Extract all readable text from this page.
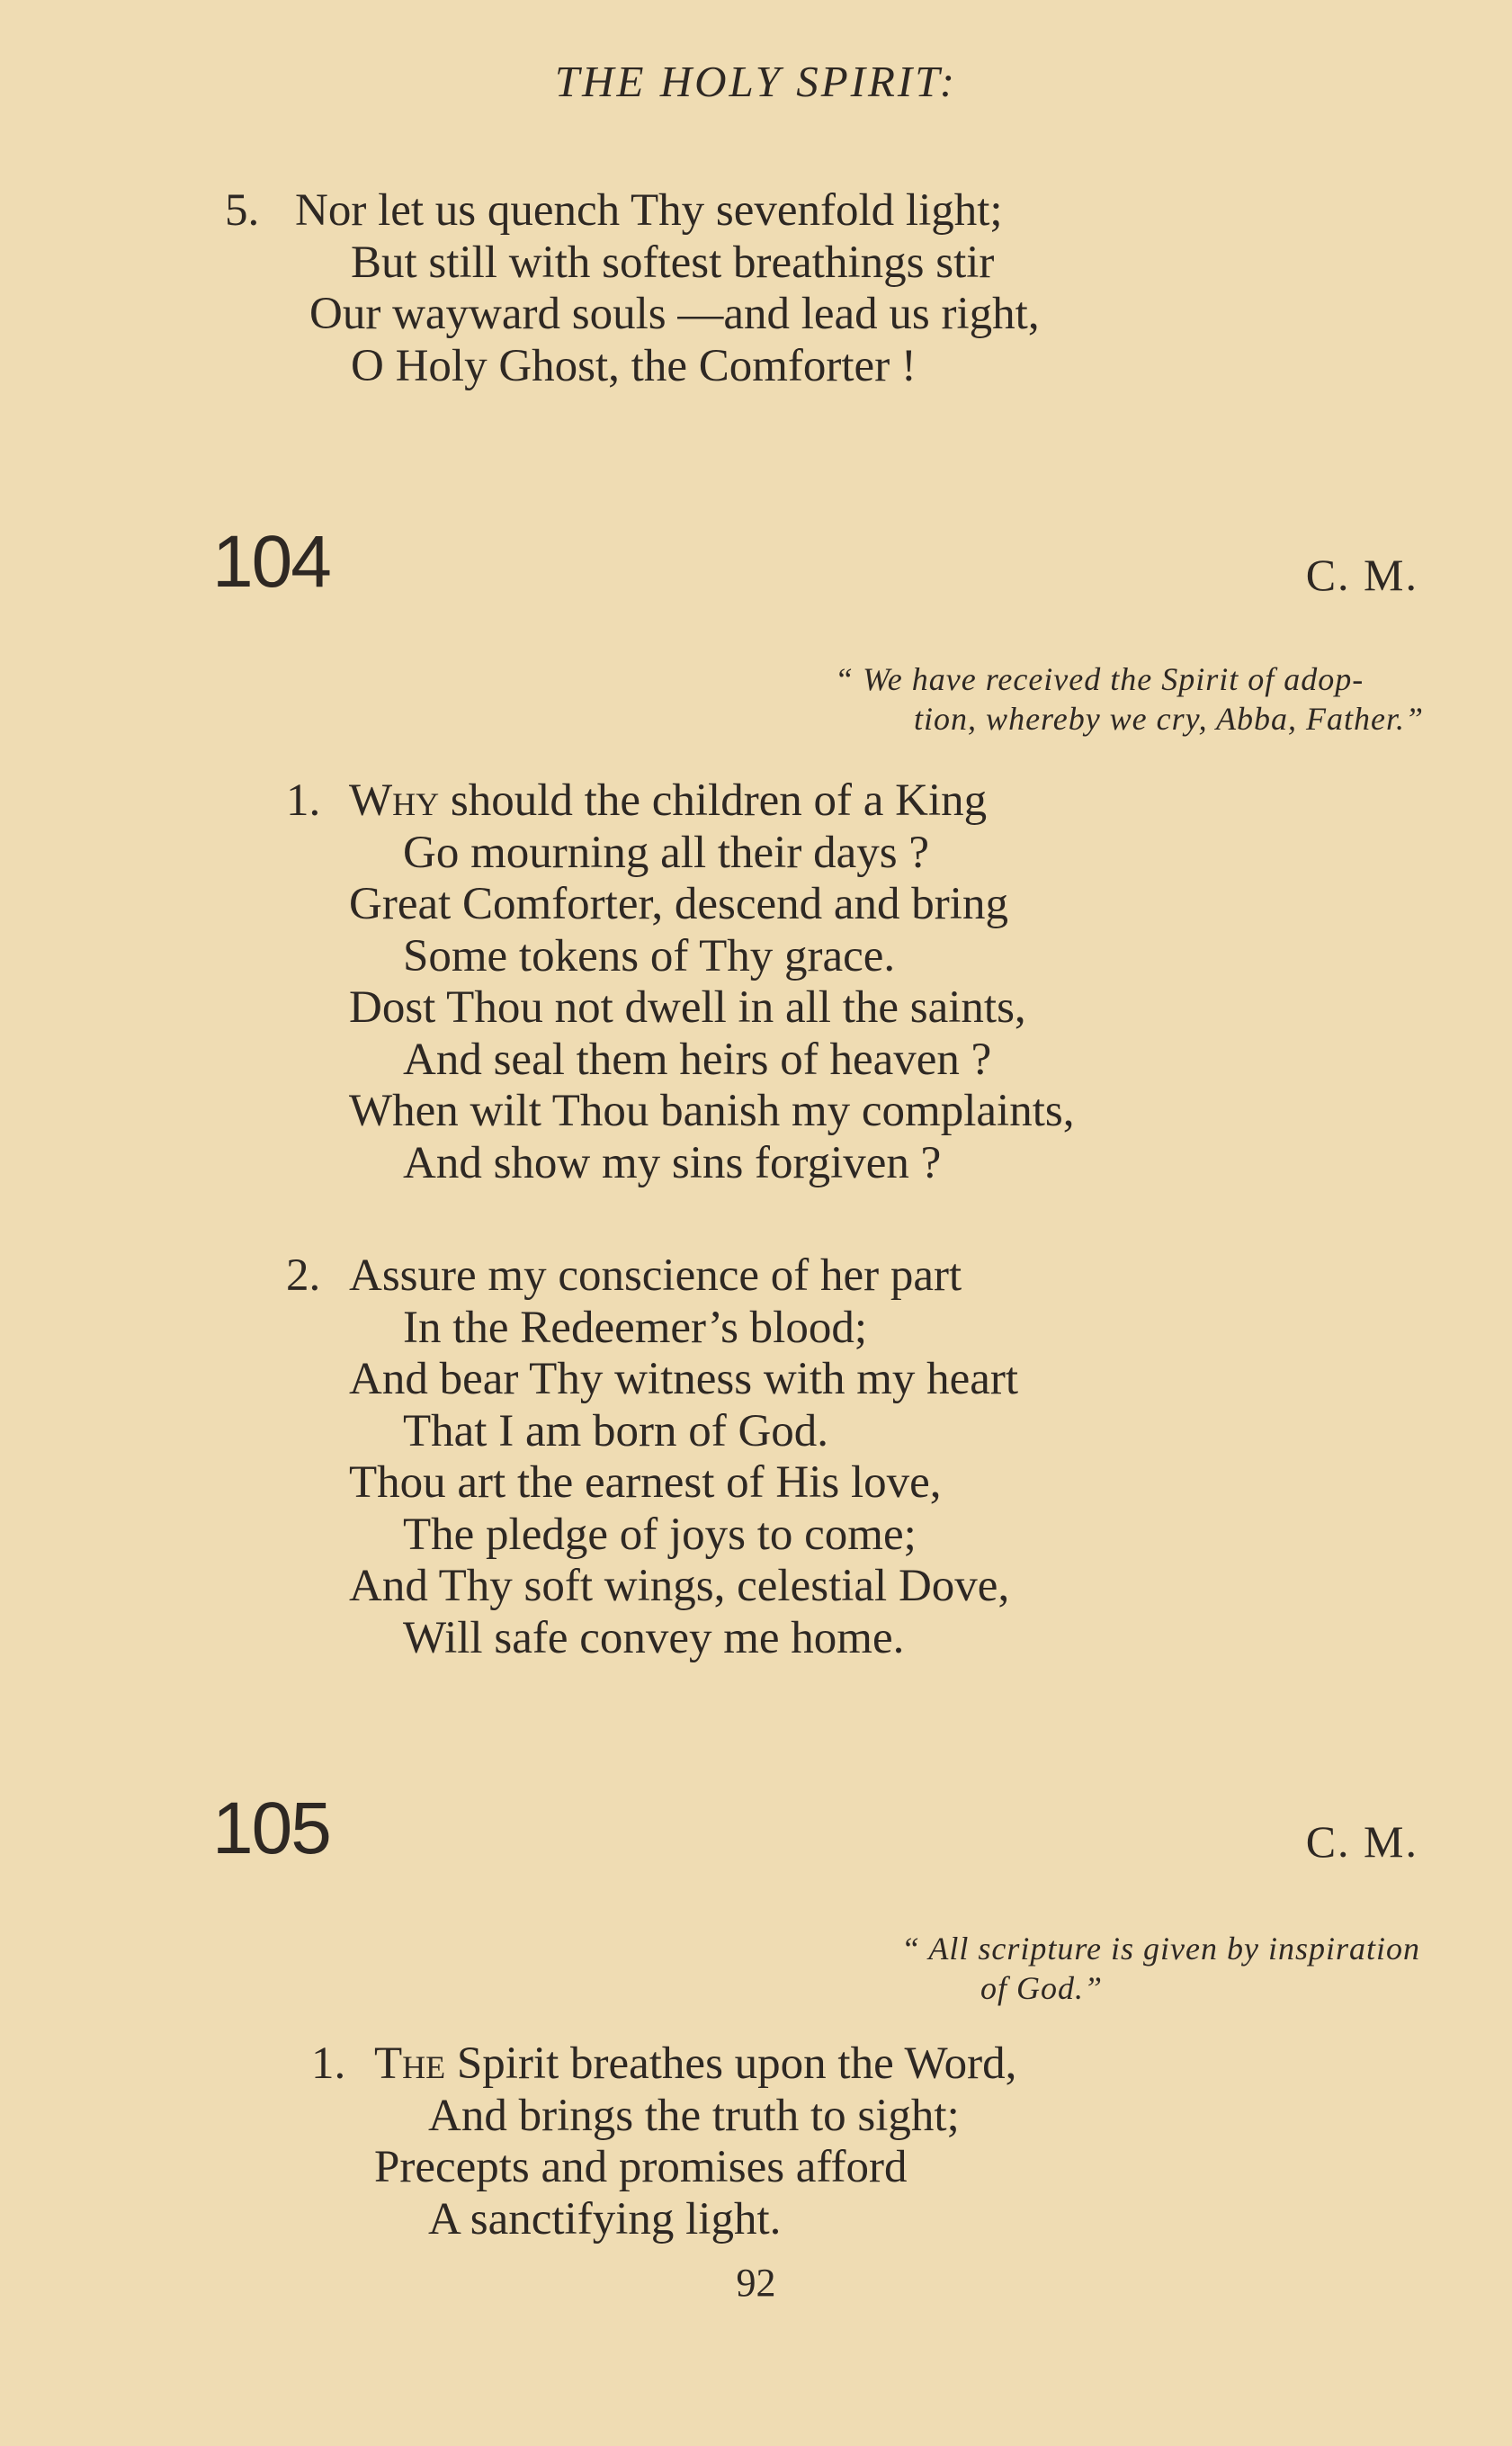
THE HOLY SPIRIT:
5. Nor let us quench Thy sevenfold light;
But still with softest breathings stir
Our wayward souls —and lead us right,
O Holy Ghost, the Comforter !
104	C. M.
“ We have received the Spirit of adop-
tion, whereby we cry, Abba, Father.”
1. Why should the children of a King
Go mourning all their days ?
Great Comforter, descend and bring
Some tokens of Thy grace.
Dost Thou not dwell in all the saints,
And seal them heirs of heaven ?
When wilt Thou banish my complaints,
And show my sins forgiven ?
2. Assure my conscience of her part
In the Redeemer’s blood;
And bear Thy witness with my heart
That I am born of God.
Thou art the earnest of His love,
The pledge of joys to come;
And Thy soft wings, celestial Dove,
Will safe convey me home.
105	C. M.
“ All scripture is given by inspiration
of God.”
1. The Spirit breathes upon the Word,
And brings the truth to sight;
Precepts and promises afford
A sanctifying light.
92
